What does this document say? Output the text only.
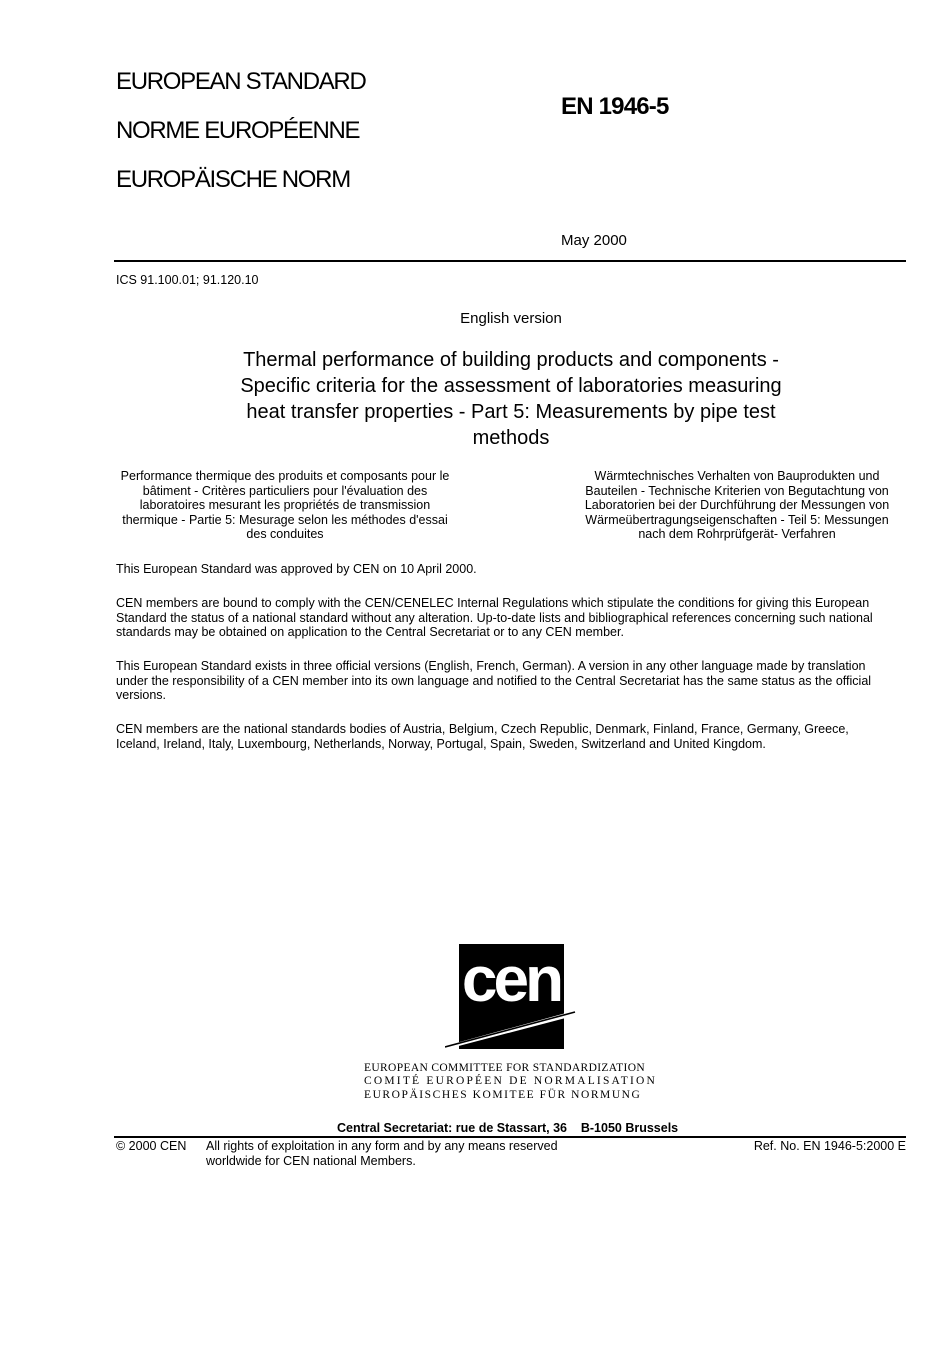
EUROPEAN STANDARD
NORME EUROPÉENNE
EUROPÄISCHE NORM
EN 1946-5
May 2000
ICS 91.100.01; 91.120.10
English version
Thermal performance of building products and components -
Specific criteria for the assessment of laboratories measuring
heat transfer properties - Part 5: Measurements by pipe test
methods
Performance thermique des produits et composants pour le
bâtiment - Critères particuliers pour l'évaluation des
laboratoires mesurant les propriétés de transmission
thermique - Partie 5: Mesurage selon les méthodes d'essai
des conduites
Wärmtechnisches Verhalten von Bauprodukten und
Bauteilen - Technische Kriterien von Begutachtung von
Laboratorien bei der Durchführung der Messungen von
Wärmeübertragungseigenschaften - Teil 5: Messungen
nach dem Rohrprüfgerät- Verfahren
This European Standard was approved by CEN on 10 April 2000.
CEN members are bound to comply with the CEN/CENELEC Internal Regulations which stipulate the conditions for giving this European
Standard the status of a national standard without any alteration. Up-to-date lists and bibliographical references concerning such national
standards may be obtained on application to the Central Secretariat or to any CEN member.
This European Standard exists in three official versions (English, French, German). A version in any other language made by translation
under the responsibility of a CEN member into its own language and notified to the Central Secretariat has the same status as the official
versions.
CEN members are the national standards bodies of Austria, Belgium, Czech Republic, Denmark, Finland, France, Germany, Greece,
Iceland, Ireland, Italy, Luxembourg, Netherlands, Norway, Portugal, Spain, Sweden, Switzerland and United Kingdom.
cen
EUROPEAN COMMITTEE FOR STANDARDIZATION
COMITÉ EUROPÉEN DE NORMALISATION
EUROPÄISCHES KOMITEE FÜR NORMUNG
Central Secretariat: rue de Stassart, 36    B-1050 Brussels
© 2000 CEN All rights of exploitation in any form and by any means reserved
worldwide for CEN national Members.
Ref. No. EN 1946-5:2000 E
